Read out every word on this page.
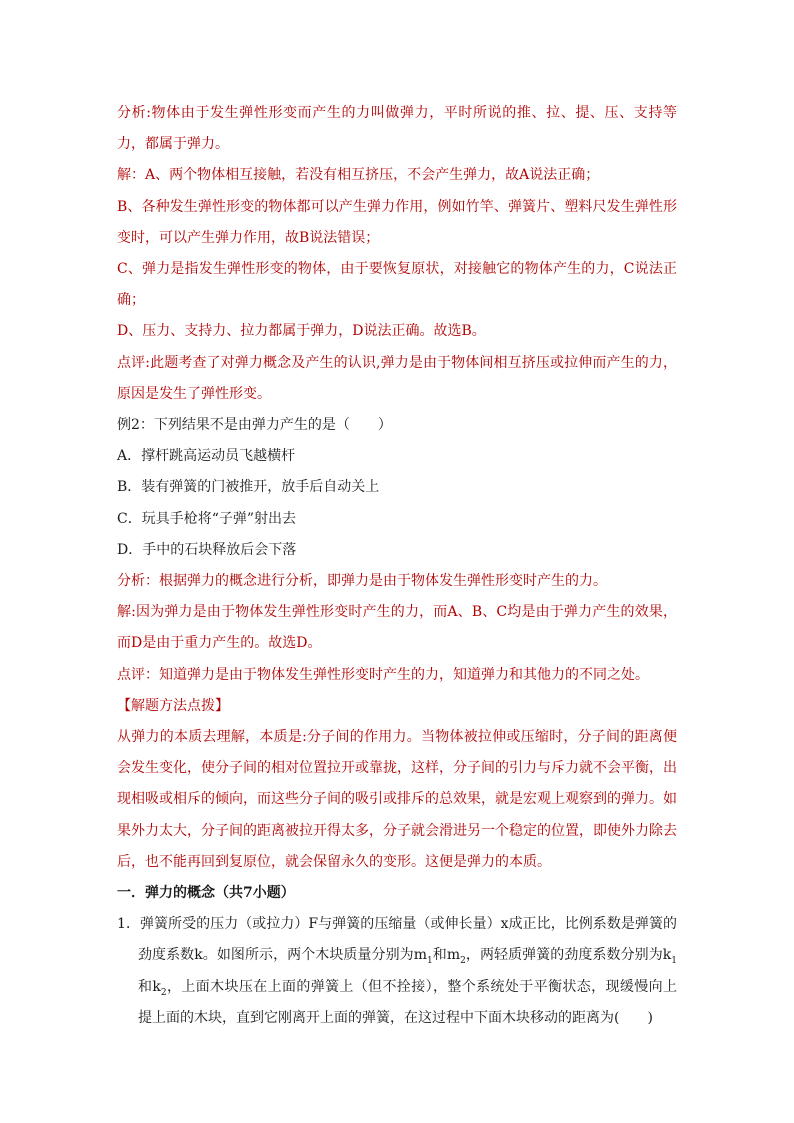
分析:物体由于发生弹性形变而产生的力叫做弹力，平时所说的推、拉、提、压、支持等力，都属于弹力。

解：A、两个物体相互接触，若没有相互挤压，不会产生弹力，故A说法正确；

B、各种发生弹性形变的物体都可以产生弹力作用，例如竹竿、弹簧片、塑料尺发生弹性形变时，可以产生弹力作用，故B说法错误；

C、弹力是指发生弹性形变的物体，由于要恢复原状，对接触它的物体产生的力，C说法正确；

D、压力、支持力、拉力都属于弹力，D说法正确。故选B。

点评:此题考查了对弹力概念及产生的认识,弹力是由于物体间相互挤压或拉伸而产生的力，原因是发生了弹性形变。

例2：下列结果不是由弹力产生的是（　　）

A．撑杆跳高运动员飞越横杆

B．装有弹簧的门被推开，放手后自动关上

C．玩具手枪将“子弹”射出去

D．手中的石块释放后会下落

分析：根据弹力的概念进行分析，即弹力是由于物体发生弹性形变时产生的力。

解:因为弹力是由于物体发生弹性形变时产生的力，而A、B、C均是由于弹力产生的效果，而D是由于重力产生的。故选D。

点评：知道弹力是由于物体发生弹性形变时产生的力，知道弹力和其他力的不同之处。

【解题方法点拨】

从弹力的本质去理解，本质是:分子间的作用力。当物体被拉伸或压缩时，分子间的距离便会发生变化，使分子间的相对位置拉开或靠拢，这样，分子间的引力与斥力就不会平衡，出现相吸或相斥的倾向，而这些分子间的吸引或排斥的总效果，就是宏观上观察到的弹力。如果外力太大，分子间的距离被拉开得太多，分子就会滑进另一个稳定的位置，即使外力除去后，也不能再回到复原位，就会保留永久的变形。这便是弹力的本质。

一．弹力的概念（共7小题）

1．弹簧所受的压力（或拉力）F与弹簧的压缩量（或伸长量）x成正比，比例系数是弹簧的劲度系数k。如图所示，两个木块质量分别为$m_1$和$m_2$，两轻质弹簧的劲度系数分别为$k_1$和$k_2$，上面木块压在上面的弹簧上（但不拴接），整个系统处于平衡状态，现缓慢向上提上面的木块，直到它刚离开上面的弹簧，在这过程中下面木块移动的距离为(　　)
